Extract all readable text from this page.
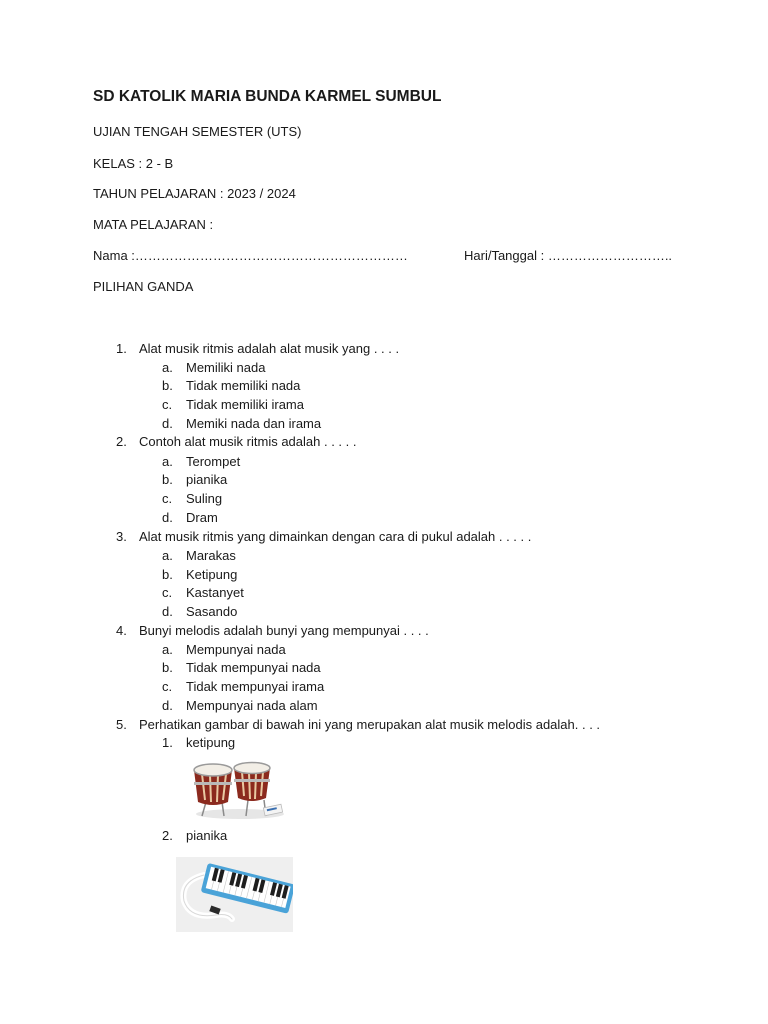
SD KATOLIK MARIA BUNDA KARMEL SUMBUL
UJIAN TENGAH SEMESTER (UTS)
KELAS : 2 - B
TAHUN PELAJARAN : 2023 / 2024
MATA PELAJARAN :
Nama :………………………………………………………	Hari/Tanggal : ………………………..
PILIHAN GANDA
1. Alat musik ritmis adalah alat musik yang . . . .
a. Memiliki nada
b. Tidak memiliki nada
c. Tidak memiliki irama
d. Memiki nada dan irama
2. Contoh alat musik ritmis adalah . . . . .
a. Terompet
b. pianika
c. Suling
d. Dram
3. Alat musik ritmis yang dimainkan dengan cara di pukul adalah . . . . .
a. Marakas
b. Ketipung
c. Kastanyet
d. Sasando
4. Bunyi melodis adalah bunyi yang mempunyai . . . .
a. Mempunyai nada
b. Tidak mempunyai nada
c. Tidak mempunyai irama
d. Mempunyai nada alam
5. Perhatikan gambar di bawah ini yang merupakan alat musik melodis adalah. . . .
1. ketipung
2. pianika
